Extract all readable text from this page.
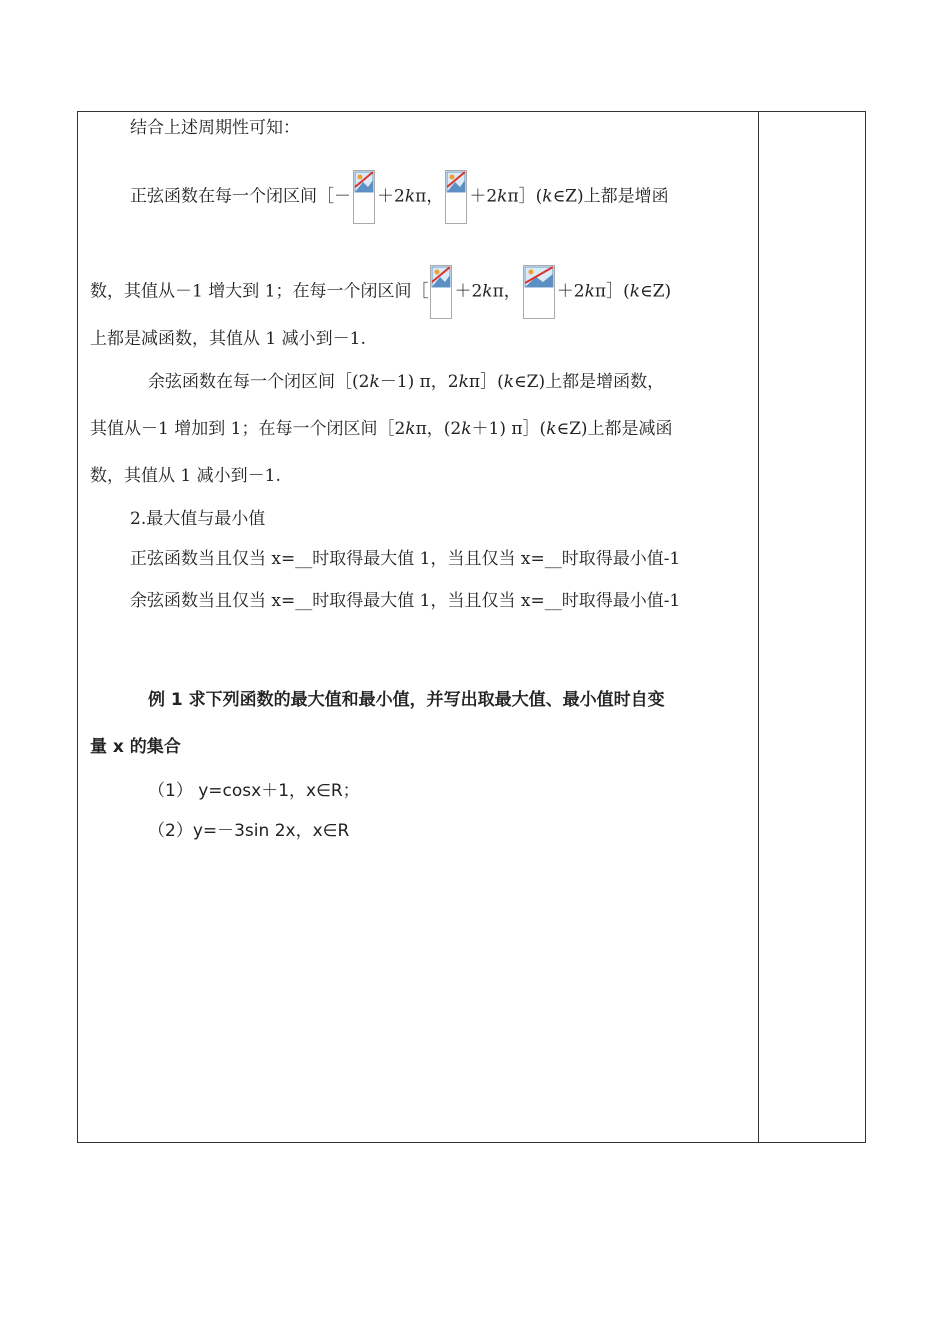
结合上述周期性可知：
正弦函数在每一个闭区间［－ ＋2kπ， ＋2kπ］(k∈Z)上都是增函
数，其值从－1 增大到 1；在每一个闭区间［ ＋2kπ， ＋2kπ］(k∈Z)
上都是减函数，其值从 1 减小到－1.
余弦函数在每一个闭区间［(2k－1) π，2kπ］(k∈Z)上都是增函数，
其值从－1 增加到 1；在每一个闭区间［2kπ，(2k＋1) π］(k∈Z)上都是减函
数，其值从 1 减小到－1.
2.最大值与最小值
正弦函数当且仅当 x=__时取得最大值 1，当且仅当 x=__时取得最小值-1
余弦函数当且仅当 x=__时取得最大值 1，当且仅当 x=__时取得最小值-1
例 1 求下列函数的最大值和最小值，并写出取最大值、最小值时自变
量 x 的集合
（1） y=cosx＋1，x∈R；
（2）y=－3sin 2x，x∈R
